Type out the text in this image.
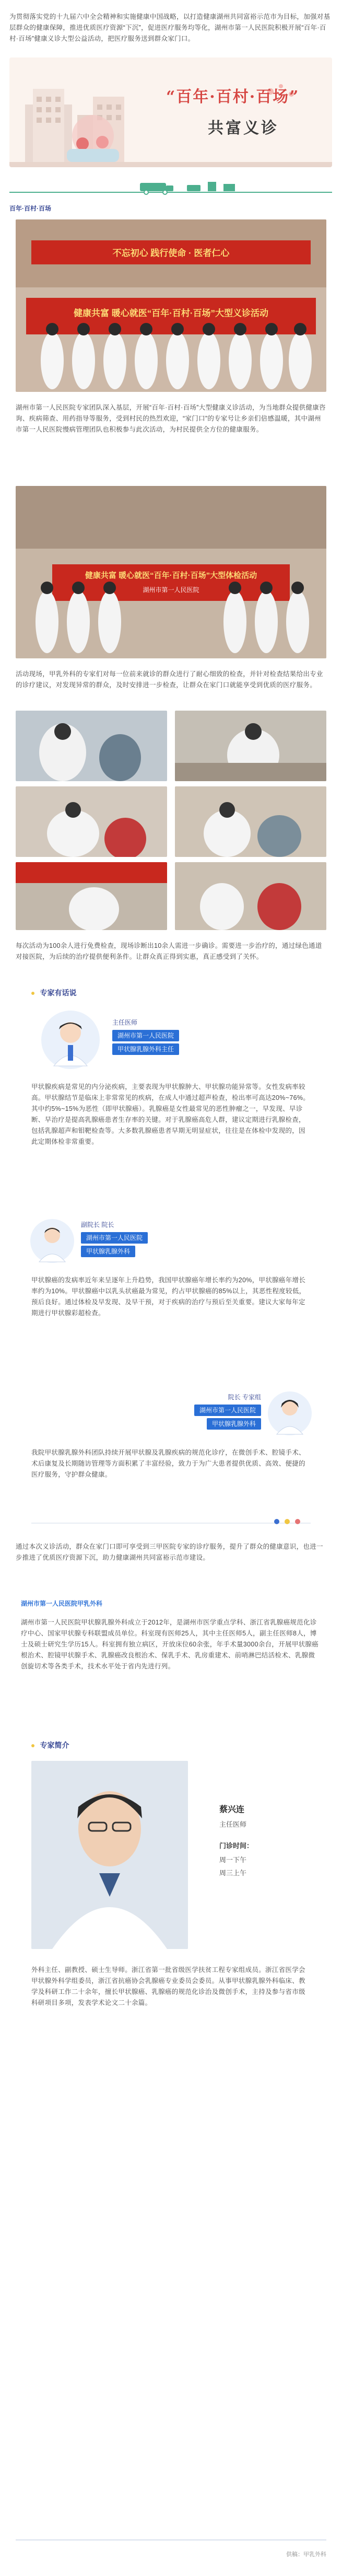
为贯彻落实党的十九届六中全会精神和实施健康中国战略，以打造健康湖州共同富裕示范市为目标，加强对基层群众的健康保障，推进优质医疗资源“下沉”，促进医疗服务均等化，湖州市第一人民医院积极开展“百年·百村·百场”健康义诊大型公益活动，把医疗服务送到群众家门口。
“百年·百村·百场”
共富义诊
百年·百村·百场
不忘初心 践行使命 · 医者仁心
健康共富 暖心就医“百年·百村·百场”大型义诊活动
湖州市第一人民医院专家团队深入基层，开展“百年·百村·百场”大型健康义诊活动，为当地群众提供健康咨询、疾病筛查、用药指导等服务，受到村民的热烈欢迎，“家门口”的专家号让乡亲们倍感温暖，其中湖州市第一人民医院慢病管理团队也积极参与此次活动，为村民提供全方位的健康服务。
健康共富 暖心就医“百年·百村·百场”大型体检活动
湖州市第一人民医院
活动现场，甲乳外科的专家们对每一位前来就诊的群众进行了耐心细致的检查，并针对检查结果给出专业的诊疗建议，对发现异常的群众，及时安排进一步检查，让群众在家门口就能享受到优质的医疗服务。
每次活动为100余人进行免费检查，现场诊断出10余人需进一步确诊。需要进一步治疗的，通过绿色通道对接医院，为后续的治疗提供便利条件。让群众真正得到实惠，真正感受到了关怀。
专家有话说
主任医师
湖州市第一人民医院
甲状腺乳腺外科主任
甲状腺疾病是常见的内分泌疾病，主要表现为甲状腺肿大、甲状腺功能异常等。女性发病率较高。甲状腺结节是临床上非常常见的疾病，在成人中通过超声检查，检出率可高达20%~76%。其中约5%~15%为恶性（即甲状腺癌）。乳腺癌是女性最常见的恶性肿瘤之一，早发现、早诊断、早治疗是提高乳腺癌患者生存率的关键。对于乳腺癌高危人群，建议定期进行乳腺检查，包括乳腺超声和钼靶检查等。大多数乳腺癌患者早期无明显症状，往往是在体检中发现的，因此定期体检非常重要。
副院长 院长
湖州市第一人民医院
甲状腺乳腺外科
甲状腺癌的发病率近年来呈逐年上升趋势，我国甲状腺癌年增长率约为20%，甲状腺癌年增长率约为10%。甲状腺癌中以乳头状癌最为常见，约占甲状腺癌的85%以上，其恶性程度较低，预后良好。通过体检及早发现、及早干预，对于疾病的治疗与预后至关重要。建议大家每年定期进行甲状腺彩超检查。
院长 专家组
湖州市第一人民医院
甲状腺乳腺外科
我院甲状腺乳腺外科团队持续开展甲状腺及乳腺疾病的规范化诊疗，在微创手术、腔镜手术、术后康复及长期随访管理等方面积累了丰富经验，致力于为广大患者提供优质、高效、便捷的医疗服务，守护群众健康。
通过本次义诊活动，群众在家门口即可享受到三甲医院专家的诊疗服务，提升了群众的健康意识，也进一步推进了优质医疗资源下沉，助力健康湖州共同富裕示范市建设。
湖州市第一人民医院甲乳外科
湖州市第一人民医院甲状腺乳腺外科成立于2012年，是湖州市医学重点学科、浙江省乳腺癌规范化诊疗中心、国家甲状腺专科联盟成员单位。科室现有医师25人，其中主任医师5人，副主任医师8人，博士及硕士研究生学历15人。科室拥有独立病区，开放床位60余张，年手术量3000余台，开展甲状腺癌根治术、腔镜甲状腺手术、乳腺癌改良根治术、保乳手术、乳房重建术、前哨淋巴结活检术、乳腺微创旋切术等各类手术，技术水平处于省内先进行列。
专家简介
蔡兴连
主任医师
门诊时间：
周一下午
周三上午
外科主任、副教授、硕士生导师。浙江省第一批省级医学扶贫工程专家组成员。浙江省医学会甲状腺外科学组委员，浙江省抗癌协会乳腺癌专业委员会委员。从事甲状腺乳腺外科临床、教学及科研工作二十余年，擅长甲状腺癌、乳腺癌的规范化诊治及微创手术，主持及参与省市级科研项目多项，发表学术论文二十余篇。
供稿：甲乳外科
